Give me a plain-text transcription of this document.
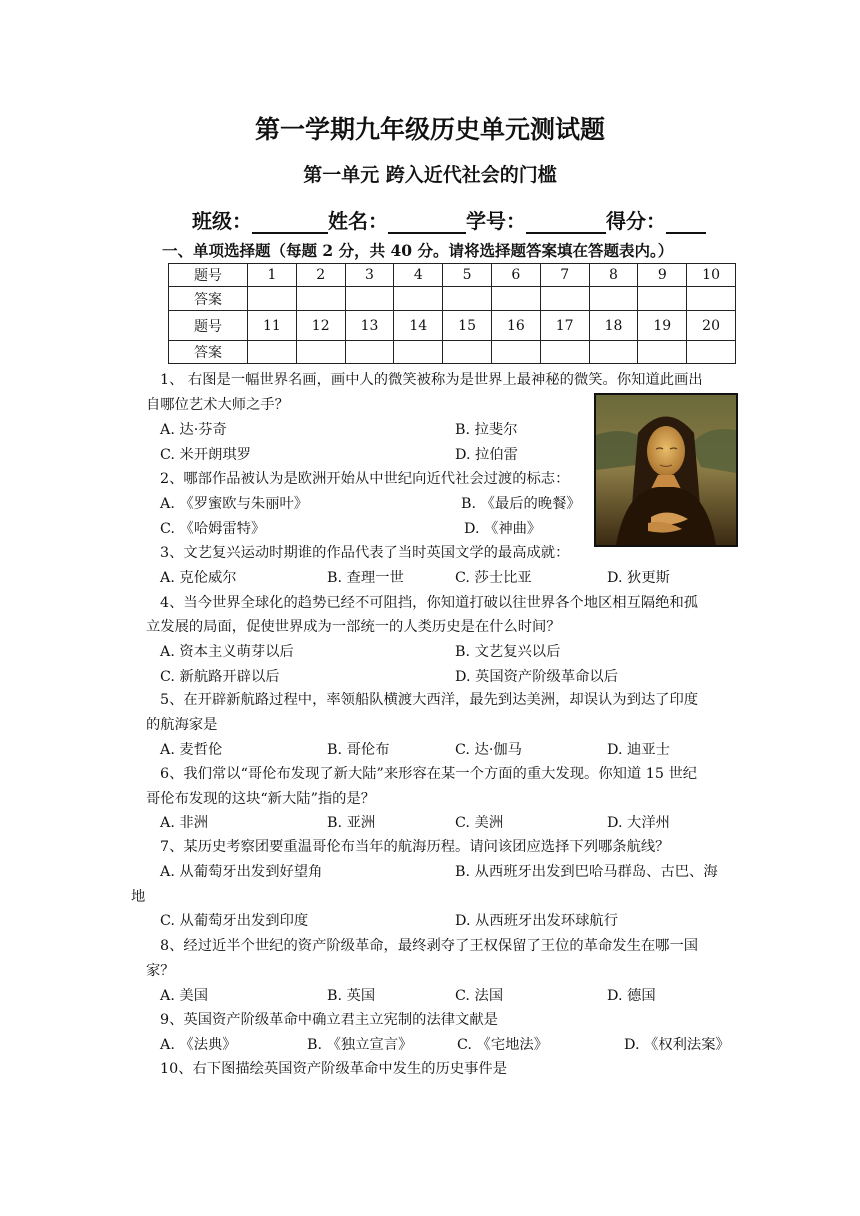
第一学期九年级历史单元测试题
第一单元 跨入近代社会的门槛
班级：	姓名：	学号：	得分：
一、单项选择题（每题 2 分，共 40 分。请将选择题答案填在答题表内。）
题号	1	2	3	4	5	6	7	8	9	10
答案										
题号	11	12	13	14	15	16	17	18	19	20
答案										
1、 右图是一幅世界名画，画中人的微笑被称为是世界上最神秘的微笑。你知道此画出
自哪位艺术大师之手？
A. 达·芬奇	B. 拉斐尔
C. 米开朗琪罗	D. 拉伯雷
2、哪部作品被认为是欧洲开始从中世纪向近代社会过渡的标志：
A. 《罗蜜欧与朱丽叶》	B. 《最后的晚餐》
C. 《哈姆雷特》	D. 《神曲》
3、文艺复兴运动时期谁的作品代表了当时英国文学的最高成就：
A. 克伦威尔	B. 查理一世	C. 莎士比亚	D. 狄更斯
4、当今世界全球化的趋势已经不可阻挡，你知道打破以往世界各个地区相互隔绝和孤
立发展的局面，促使世界成为一部统一的人类历史是在什么时间？
A. 资本主义萌芽以后	B. 文艺复兴以后
C. 新航路开辟以后	D. 英国资产阶级革命以后
5、在开辟新航路过程中，率领船队横渡大西洋，最先到达美洲，却误认为到达了印度
的航海家是
A. 麦哲伦	B. 哥伦布	C. 达·伽马	D. 迪亚士
6、我们常以“哥伦布发现了新大陆”来形容在某一个方面的重大发现。你知道 15 世纪
哥伦布发现的这块“新大陆”指的是？
A. 非洲	B. 亚洲	C. 美洲	D. 大洋州
7、某历史考察团要重温哥伦布当年的航海历程。请问该团应选择下列哪条航线？
A. 从葡萄牙出发到好望角	B. 从西班牙出发到巴哈马群岛、古巴、海
地
C. 从葡萄牙出发到印度	D. 从西班牙出发环球航行
8、经过近半个世纪的资产阶级革命，最终剥夺了王权保留了王位的革命发生在哪一国
家？
A. 美国	B. 英国	C. 法国	D. 德国
9、英国资产阶级革命中确立君主立宪制的法律文献是
A. 《法典》	B. 《独立宣言》	C. 《宅地法》	D. 《权利法案》
10、右下图描绘英国资产阶级革命中发生的历史事件是
